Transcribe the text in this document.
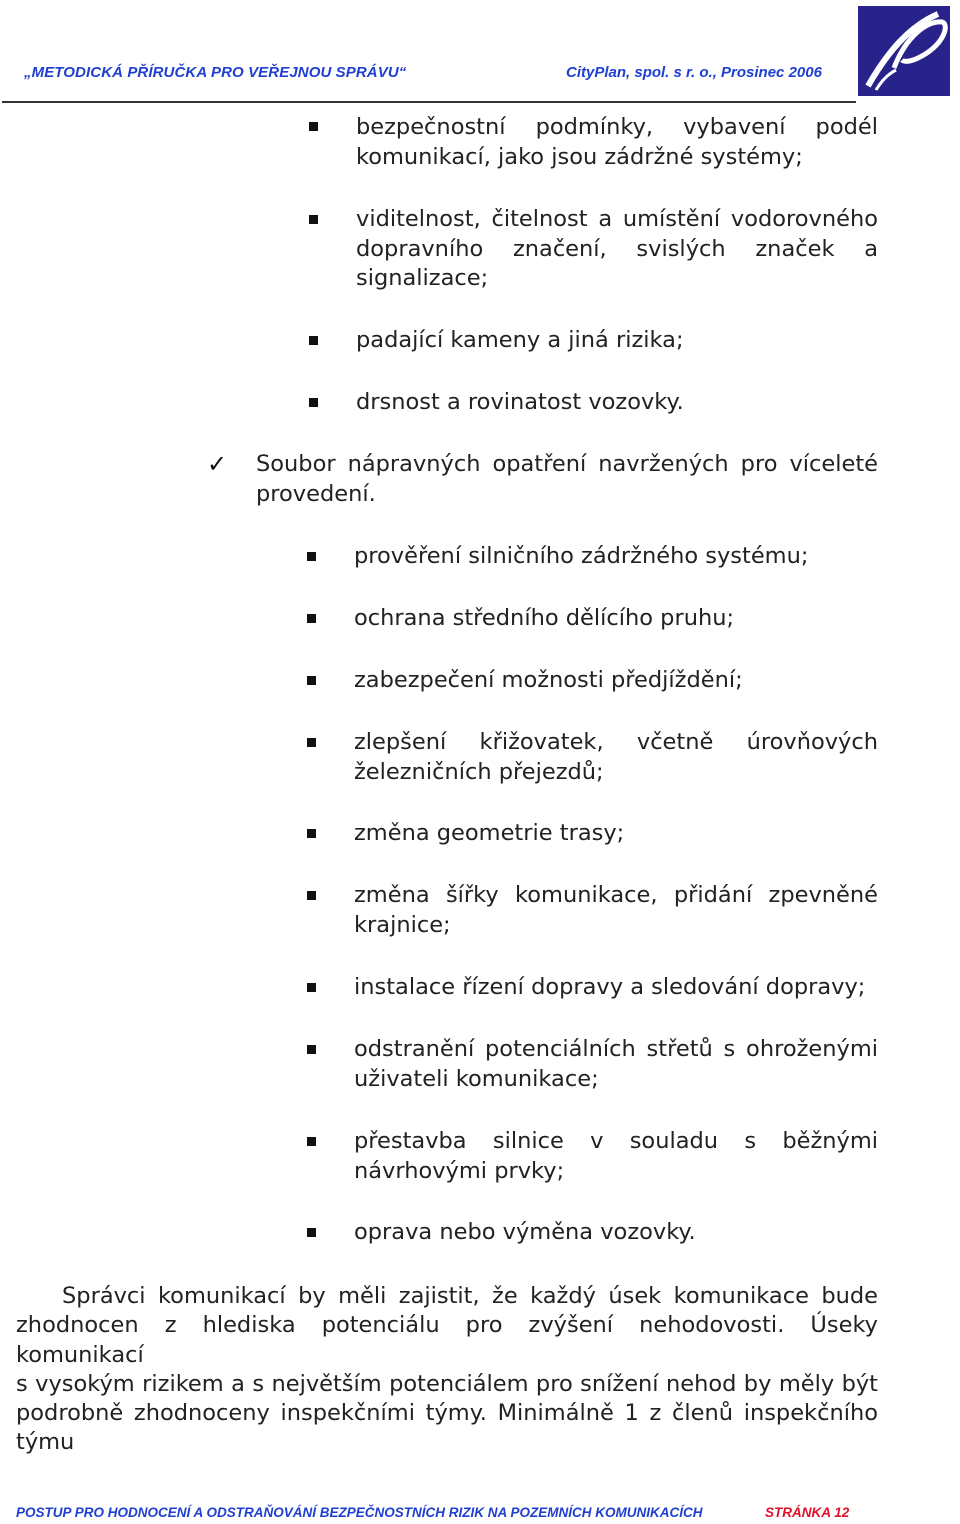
„METODICKÁ PŘÍRUČKA PRO VEŘEJNOU SPRÁVU“	CityPlan, spol. s r. o., Prosinec 2006
bezpečnostní podmínky, vybavení podél komunikací, jako jsou zádržné systémy;
viditelnost, čitelnost a umístění vodorovného dopravního značení, svislých značek a signalizace;
padající kameny a jiná rizika;
drsnost a rovinatost vozovky.
✓ Soubor nápravných opatření navržených pro víceleté provedení.
prověření silničního zádržného systému;
ochrana středního dělícího pruhu;
zabezpečení možnosti předjíždění;
zlepšení křižovatek, včetně úrovňových železničních přejezdů;
změna geometrie trasy;
změna šířky komunikace, přidání zpevněné krajnice;
instalace řízení dopravy a sledování dopravy;
odstranění potenciálních střetů s ohroženými uživateli komunikace;
přestavba silnice v souladu s běžnými návrhovými prvky;
oprava nebo výměna vozovky.
Správci komunikací by měli zajistit, že každý úsek komunikace bude
zhodnocen z hlediska potenciálu pro zvýšení nehodovosti. Úseky komunikací
s vysokým rizikem a s největším potenciálem pro snížení nehod by měly být
podrobně zhodnoceny inspekčními týmy. Minimálně 1 z členů inspekčního týmu
POSTUP PRO HODNOCENÍ A ODSTRAŇOVÁNÍ BEZPEČNOSTNÍCH RIZIK NA POZEMNÍCH KOMUNIKACÍCH	STRÁNKA 12
